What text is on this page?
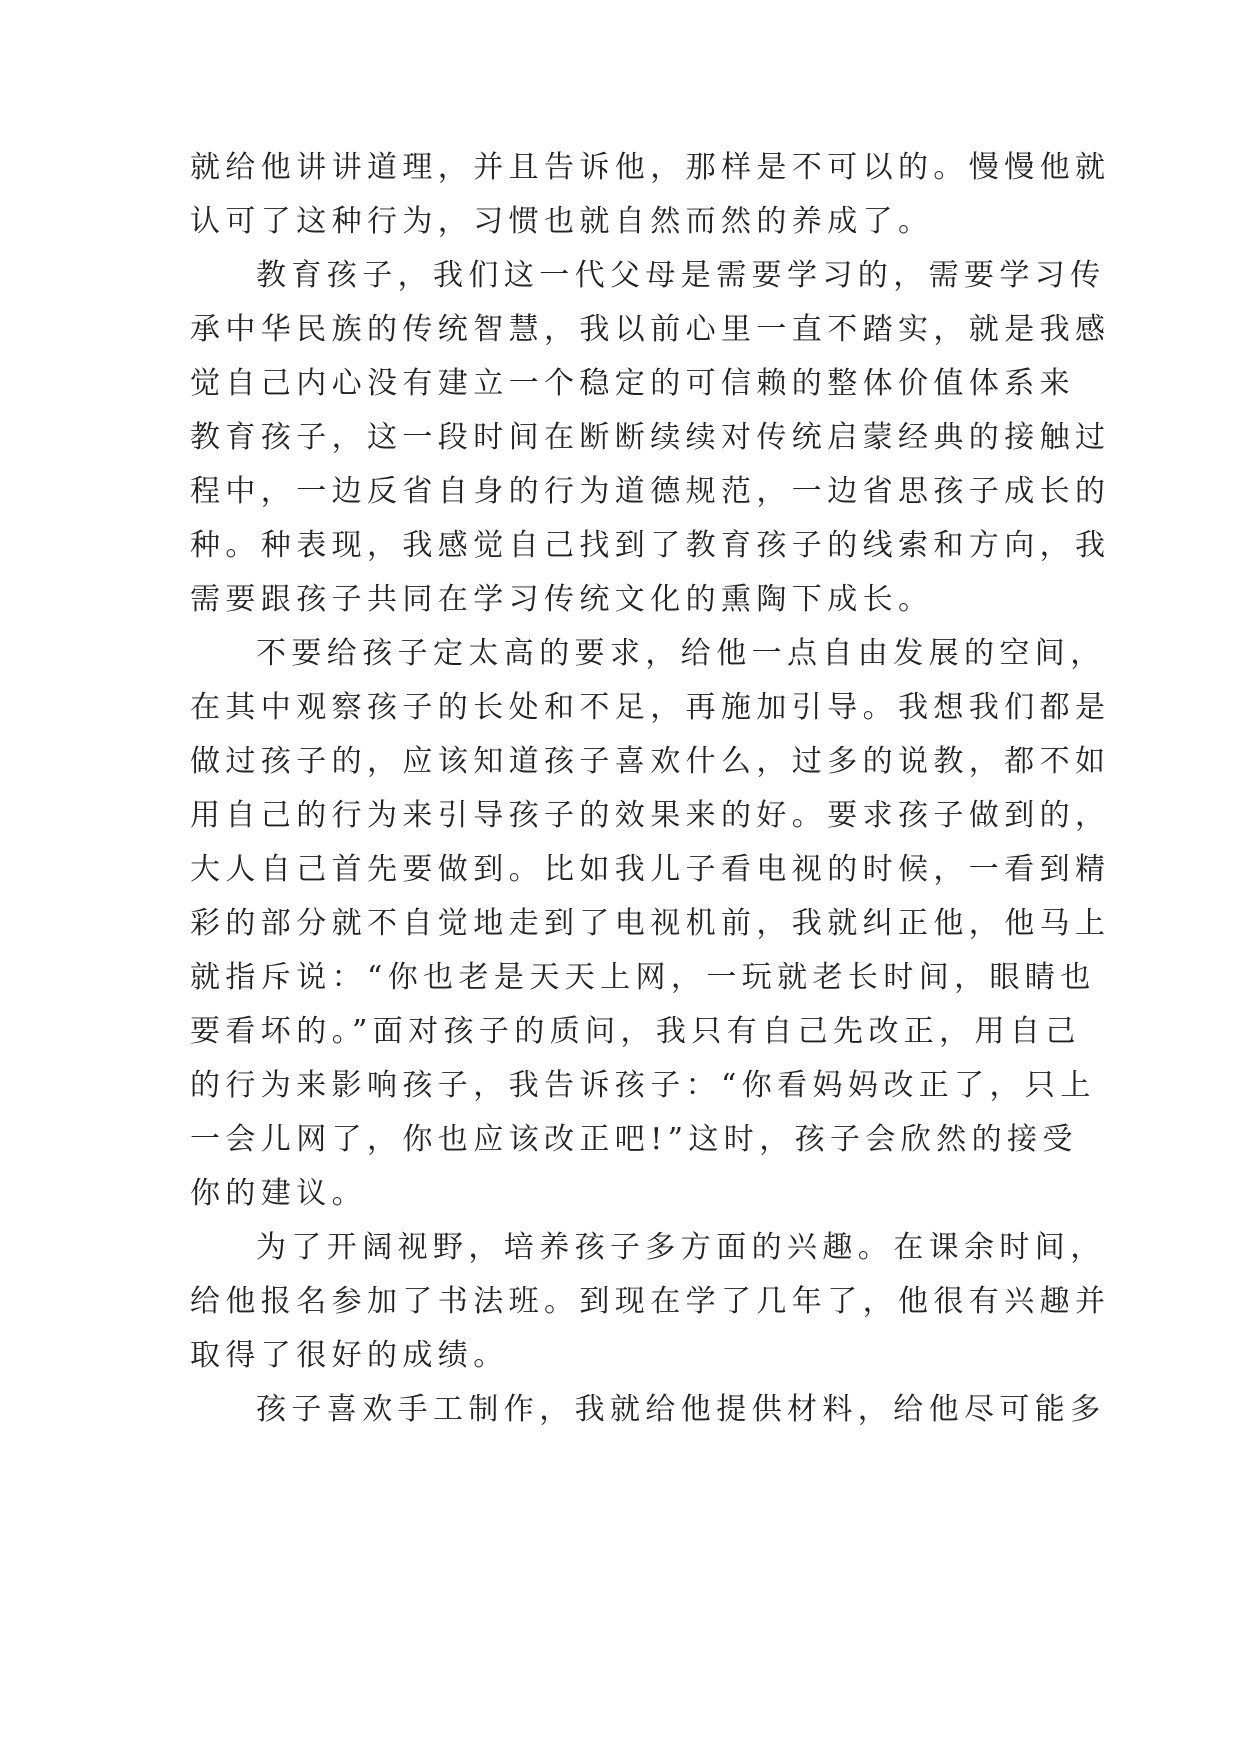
就给他讲讲道理，并且告诉他，那样是不可以的。慢慢他就
认可了这种行为，习惯也就自然而然的养成了。
教育孩子，我们这一代父母是需要学习的，需要学习传
承中华民族的传统智慧，我以前心里一直不踏实，就是我感
觉自己内心没有建立一个稳定的可信赖的整体价值体系来
教育孩子，这一段时间在断断续续对传统启蒙经典的接触过
程中，一边反省自身的行为道德规范，一边省思孩子成长的
种。种表现，我感觉自己找到了教育孩子的线索和方向，我
需要跟孩子共同在学习传统文化的熏陶下成长。
不要给孩子定太高的要求，给他一点自由发展的空间，
在其中观察孩子的长处和不足，再施加引导。我想我们都是
做过孩子的，应该知道孩子喜欢什么，过多的说教，都不如
用自己的行为来引导孩子的效果来的好。要求孩子做到的，
大人自己首先要做到。比如我儿子看电视的时候，一看到精
彩的部分就不自觉地走到了电视机前，我就纠正他，他马上
就指斥说：“你也老是天天上网，一玩就老长时间，眼睛也
要看坏的。”面对孩子的质问，我只有自己先改正，用自己
的行为来影响孩子，我告诉孩子：“你看妈妈改正了，只上
一会儿网了，你也应该改正吧!”这时，孩子会欣然的接受
你的建议。
为了开阔视野，培养孩子多方面的兴趣。在课余时间，
给他报名参加了书法班。到现在学了几年了，他很有兴趣并
取得了很好的成绩。
孩子喜欢手工制作，我就给他提供材料，给他尽可能多
